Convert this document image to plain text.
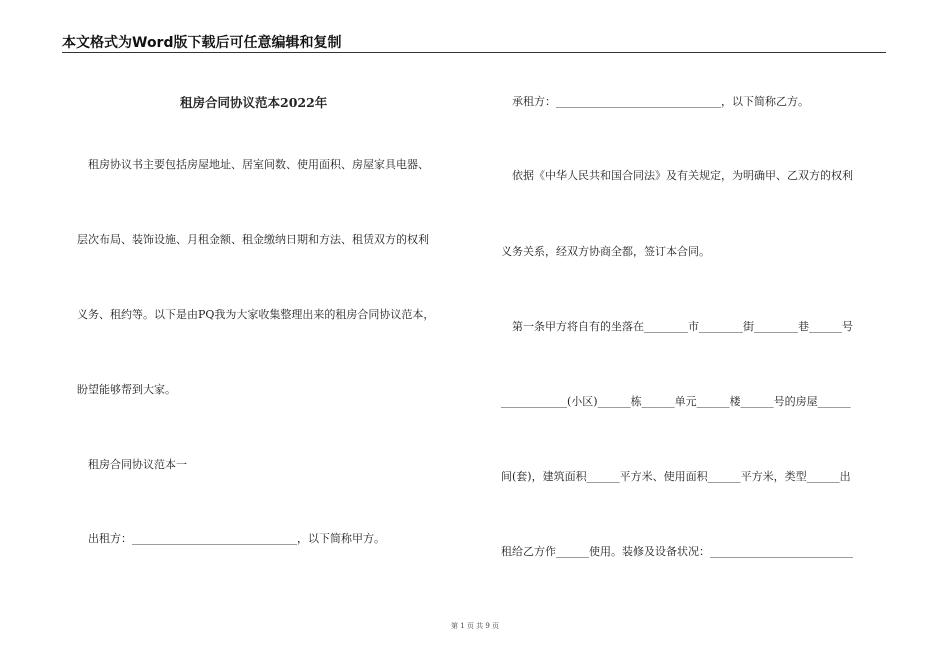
本文格式为Word版下载后可任意编辑和复制
租房合同协议范本2022年
租房协议书主要包括房屋地址、居室间数、使用面积、房屋家具电器、
层次布局、装饰设施、月租金额、租金缴纳日期和方法、租赁双方的权利
义务、租约等。以下是由PQ我为大家收集整理出来的租房合同协议范本，
盼望能够帮到大家。
租房合同协议范本一
出租方：______________________________，以下简称甲方。
承租方：______________________________，以下简称乙方。
依据《中华人民共和国合同法》及有关规定，为明确甲、乙双方的权利
义务关系，经双方协商全都，签订本合同。
第一条甲方将自有的坐落在________市________街________巷______号
____________(小区)______栋______单元______楼______号的房屋______
间(套)，建筑面积______平方米、使用面积______平方米，类型______出
租给乙方作______使用。装修及设备状况：__________________________
第 1 页 共 9 页
